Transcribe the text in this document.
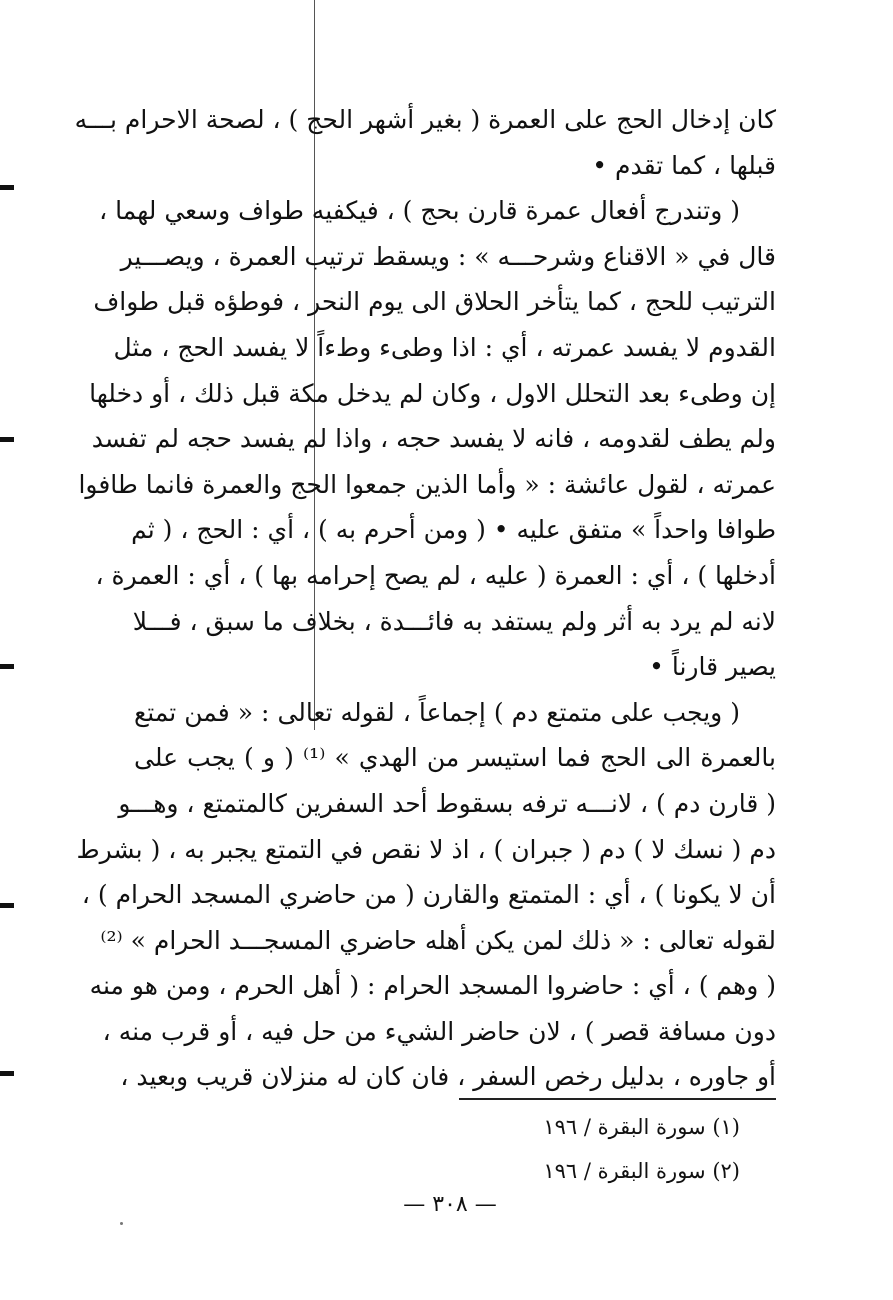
كان إدخال الحج على العمرة ( بغير أشهر الحج ) ، لصحة الاحرام بـــه
قبلها ، كما تقدم •
( وتندرج أفعال عمرة قارن بحج ) ، فيكفيه طواف وسعي لهما ،
قال في « الاقناع وشرحـــه » : ويسقط ترتيب العمرة ، ويصـــير
الترتيب للحج ، كما يتأخر الحلاق الى يوم النحر ، فوطؤه قبل طواف
القدوم لا يفسد عمرته ، أي : اذا وطىء وطءاً لا يفسد الحج ، مثل
إن وطىء بعد التحلل الاول ، وكان لم يدخل مكة قبل ذلك ، أو دخلها
ولم يطف لقدومه ، فانه لا يفسد حجه ، واذا لم يفسد حجه لم تفسد
عمرته ، لقول عائشة : « وأما الذين جمعوا الحج والعمرة فانما طافوا
طوافا واحداً » متفق عليه • ( ومن أحرم به ) ، أي : الحج ، ( ثم
أدخلها ) ، أي : العمرة ( عليه ، لم يصح إحرامه بها ) ، أي : العمرة ،
لانه لم يرد به أثر ولم يستفد به فائـــدة ، بخلاف ما سبق ، فـــلا
يصير قارناً •
( ويجب على متمتع دم ) إجماعاً ، لقوله تعالى : « فمن تمتع
بالعمرة الى الحج فما استيسر من الهدي » ⁽¹⁾ ( و ) يجب على
( قارن دم ) ، لانـــه ترفه بسقوط أحد السفرين كالمتمتع ، وهـــو
دم ( نسك لا ) دم ( جبران ) ، اذ لا نقص في التمتع يجبر به ، ( بشرط
أن لا يكونا ) ، أي : المتمتع والقارن ( من حاضري المسجد الحرام ) ،
لقوله تعالى : « ذلك لمن يكن أهله حاضري المسجـــد الحرام » ⁽²⁾
( وهم ) ، أي : حاضروا المسجد الحرام : ( أهل الحرم ، ومن هو منه
دون مسافة قصر ) ، لان حاضر الشيء من حل فيه ، أو قرب منه ،
أو جاوره ، بدليل رخص السفر ، فان كان له منزلان قريب وبعيد ،
(١) سورة البقرة / ١٩٦
(٢) سورة البقرة / ١٩٦
— ٣٠٨ —
